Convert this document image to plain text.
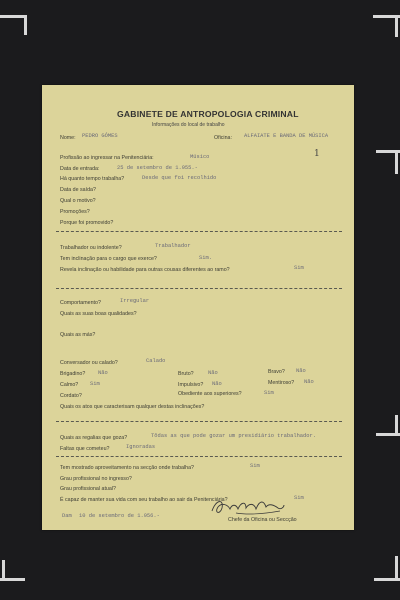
GABINETE DE ANTROPOLOGIA CRIMINAL
Informações do local de trabalho
Nome: PEDRO GÓMES	Oficina: ALFAIATE E BANDA DE MÚSICA
1
Profissão ao ingressar na Penitenciária:	Músico
Data de entrada:	25 de setembro de 1.955.-
Há quanto tempo trabalha?	Desde que foi recolhido
Data de saída?
Qual o motivo?
Promoções?
Porque foi promovido?
Trabalhador ou indolente?	Trabalhador
Tem inclinação para o cargo que exerce?	Sim.
Revela inclinação ou habilidade para outras cousas diferentes ao ramo?	Sim
Comportamento?	Irregular
Quais as suas boas qualidades?
Quais as más?
Conversador ou calado?	Calado
Brigadino? Não	Bruto?	Não	Bravo? Não
Calmo? Sim	Impulsivo? Não	Mentiroso? Não
Cordato?	Obediente aos superiores?	Sim
Quais os atos que caracterisam qualquer destas inclinações?
Quais as regalias que goza?	Tôdas as que pode gozar um presidiário trabalhador.
Faltas que cometeu?	Ignoradas
Tem mostrado aproveitamento na secção onde trabalha?	Sim
Grau profissional no ingresso?
Grau profissional atual?
É capaz de manter sua vida com seu trabalho ao sair da Penitenciária?	Sim
Dam 10 de setembro de 1.956.-
Chefe da Oficina ou Seccção
